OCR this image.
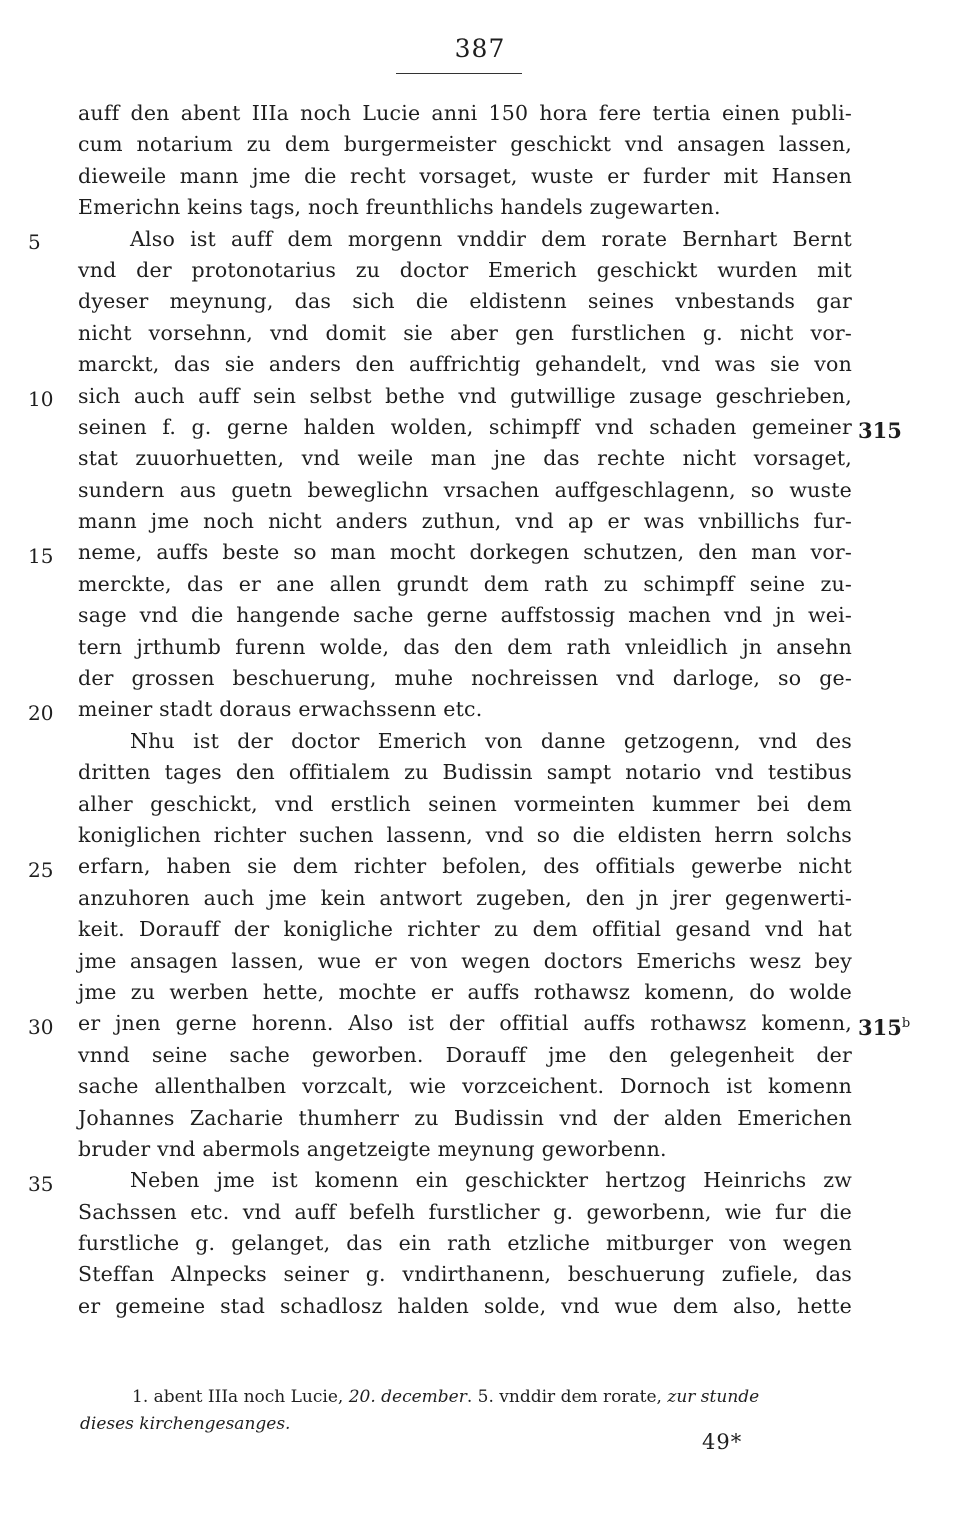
387
5
10
15
20
25
30
35
315
315$^b$
auff den abent IIIa noch Lucie anni 150 hora fere tertia einen publi-
cum notarium zu dem burgermeister geschickt vnd ansagen lassen,
dieweile mann jme die recht vorsaget, wuste er furder mit Hansen
Emerichn keins tags, noch freunthlichs handels zugewarten.
Also ist auff dem morgenn vnddir dem rorate Bernhart Bernt
vnd der protonotarius zu doctor Emerich geschickt wurden mit
dyeser meynung, das sich die eldistenn seines vnbestands gar
nicht vorsehnn, vnd domit sie aber gen furstlichen g. nicht vor-
marckt, das sie anders den auffrichtig gehandelt, vnd was sie von
sich auch auff sein selbst bethe vnd gutwillige zusage geschrieben,
seinen f. g. gerne halden wolden, schimpff vnd schaden gemeiner
stat zuuorhuetten, vnd weile man jne das rechte nicht vorsaget,
sundern aus guetn beweglichn vrsachen auffgeschlagenn, so wuste
mann jme noch nicht anders zuthun, vnd ap er was vnbillichs fur-
neme, auffs beste so man mocht dorkegen schutzen, den man vor-
merckte, das er ane allen grundt dem rath zu schimpff seine zu-
sage vnd die hangende sache gerne auffstossig machen vnd jn wei-
tern jrthumb furenn wolde, das den dem rath vnleidlich jn ansehn
der grossen beschuerung, muhe nochreissen vnd darloge, so ge-
meiner stadt doraus erwachssenn etc.
Nhu ist der doctor Emerich von danne getzogenn, vnd des
dritten tages den offitialem zu Budissin sampt notario vnd testibus
alher geschickt, vnd erstlich seinen vormeinten kummer bei dem
koniglichen richter suchen lassenn, vnd so die eldisten herrn solchs
erfarn, haben sie dem richter befolen, des offitials gewerbe nicht
anzuhoren auch jme kein antwort zugeben, den jn jrer gegenwerti-
keit. Dorauff der konigliche richter zu dem offitial gesand vnd hat
jme ansagen lassen, wue er von wegen doctors Emerichs wesz bey
jme zu werben hette, mochte er auffs rothawsz komenn, do wolde
er jnen gerne horenn. Also ist der offitial auffs rothawsz komenn,
vnnd seine sache geworben. Dorauff jme den gelegenheit der
sache allenthalben vorzcalt, wie vorzceichent. Dornoch ist komenn
Johannes Zacharie thumherr zu Budissin vnd der alden Emerichen
bruder vnd abermols angetzeigte meynung geworbenn.
Neben jme ist komenn ein geschickter hertzog Heinrichs zw
Sachssen etc. vnd auff befelh furstlicher g. geworbenn, wie fur die
furstliche g. gelanget, das ein rath etzliche mitburger von wegen
Steffan Alnpecks seiner g. vndirthanenn, beschuerung zufiele, das
er gemeine stad schadlosz halden solde, vnd wue dem also, hette
1. abent IIIa noch Lucie, 20. december. 5. vnddir dem rorate, zur stunde
dieses kirchengesanges.
49*
